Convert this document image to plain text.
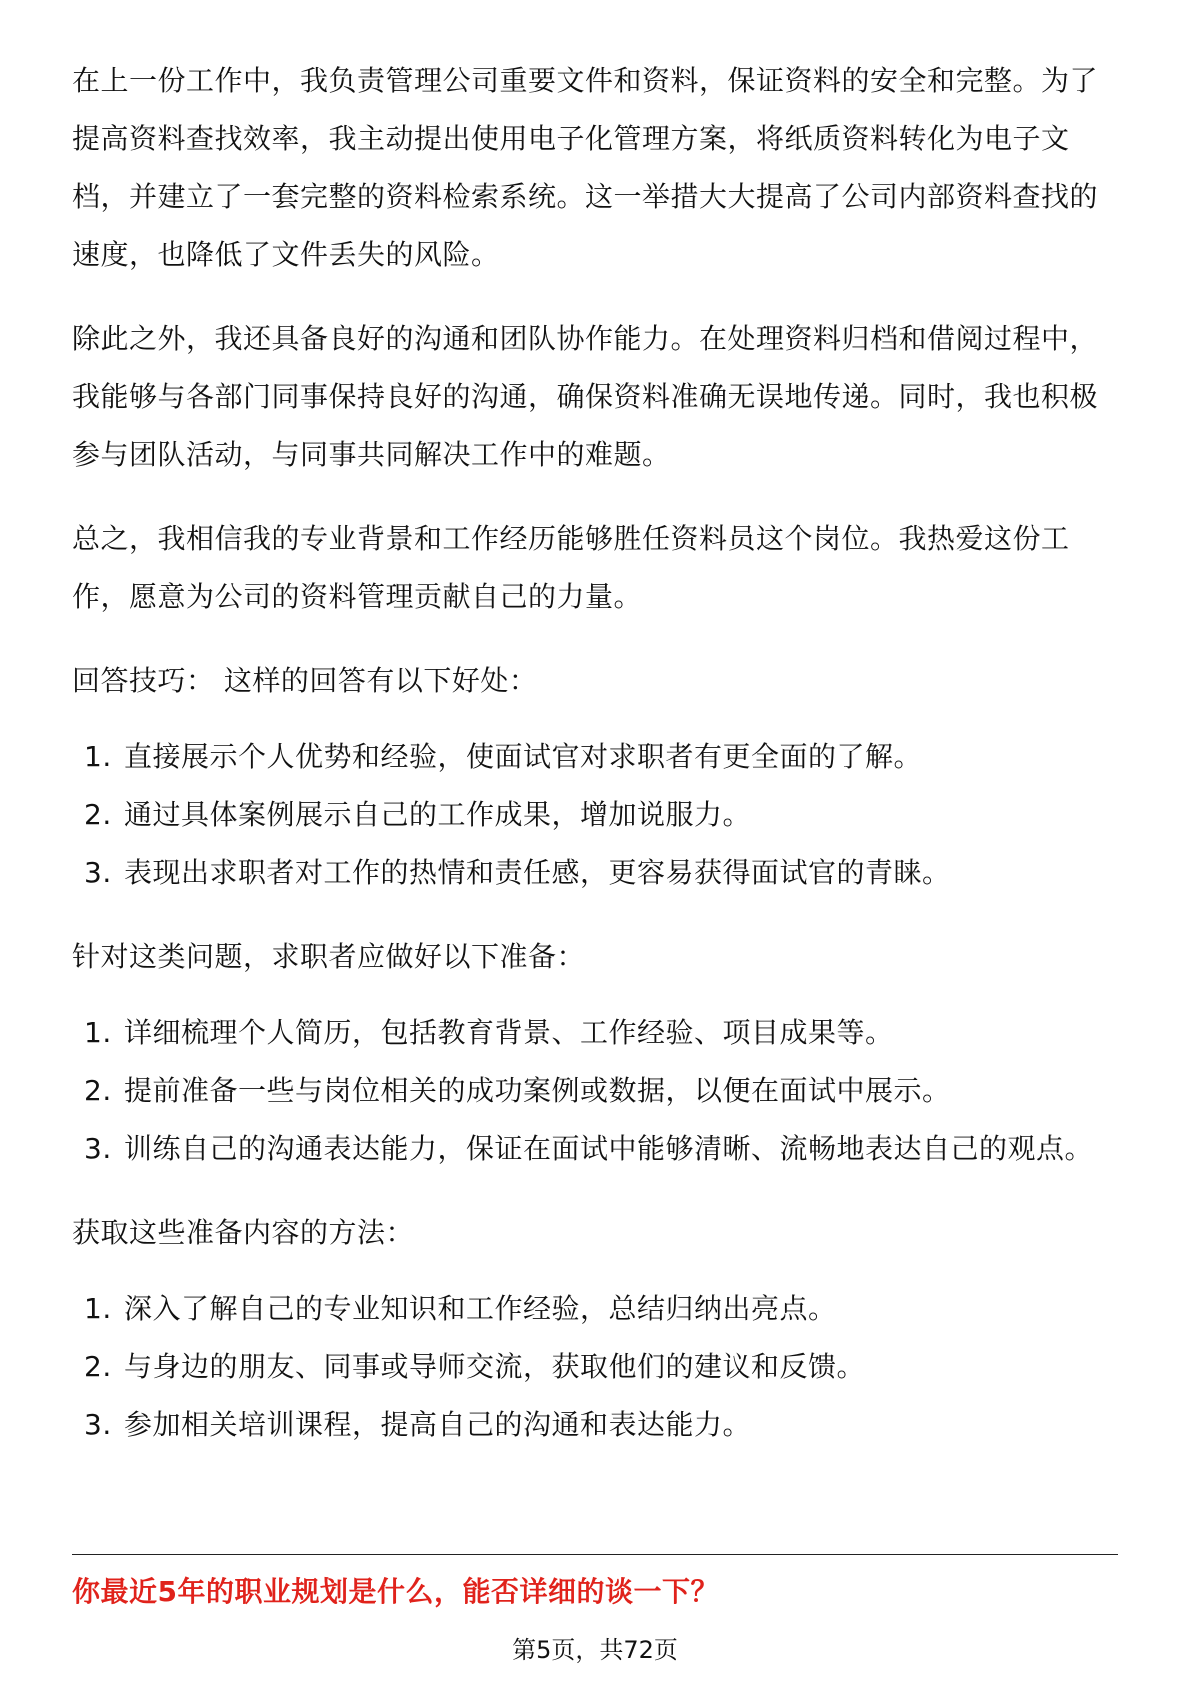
在上一份工作中，我负责管理公司重要文件和资料，保证资料的安全和完整。为了提高资料查找效率，我主动提出使用电子化管理方案，将纸质资料转化为电子文档，并建立了一套完整的资料检索系统。这一举措大大提高了公司内部资料查找的速度，也降低了文件丢失的风险。

除此之外，我还具备良好的沟通和团队协作能力。在处理资料归档和借阅过程中，我能够与各部门同事保持良好的沟通，确保资料准确无误地传递。同时，我也积极参与团队活动，与同事共同解决工作中的难题。

总之，我相信我的专业背景和工作经历能够胜任资料员这个岗位。我热爱这份工作，愿意为公司的资料管理贡献自己的力量。

回答技巧： 这样的回答有以下好处：

1. 直接展示个人优势和经验，使面试官对求职者有更全面的了解。
2. 通过具体案例展示自己的工作成果，增加说服力。
3. 表现出求职者对工作的热情和责任感，更容易获得面试官的青睐。

针对这类问题，求职者应做好以下准备：

1. 详细梳理个人简历，包括教育背景、工作经验、项目成果等。
2. 提前准备一些与岗位相关的成功案例或数据，以便在面试中展示。
3. 训练自己的沟通表达能力，保证在面试中能够清晰、流畅地表达自己的观点。

获取这些准备内容的方法：

1. 深入了解自己的专业知识和工作经验，总结归纳出亮点。
2. 与身边的朋友、同事或导师交流，获取他们的建议和反馈。
3. 参加相关培训课程，提高自己的沟通和表达能力。
你最近5年的职业规划是什么，能否详细的谈一下？
第5页，共72页
